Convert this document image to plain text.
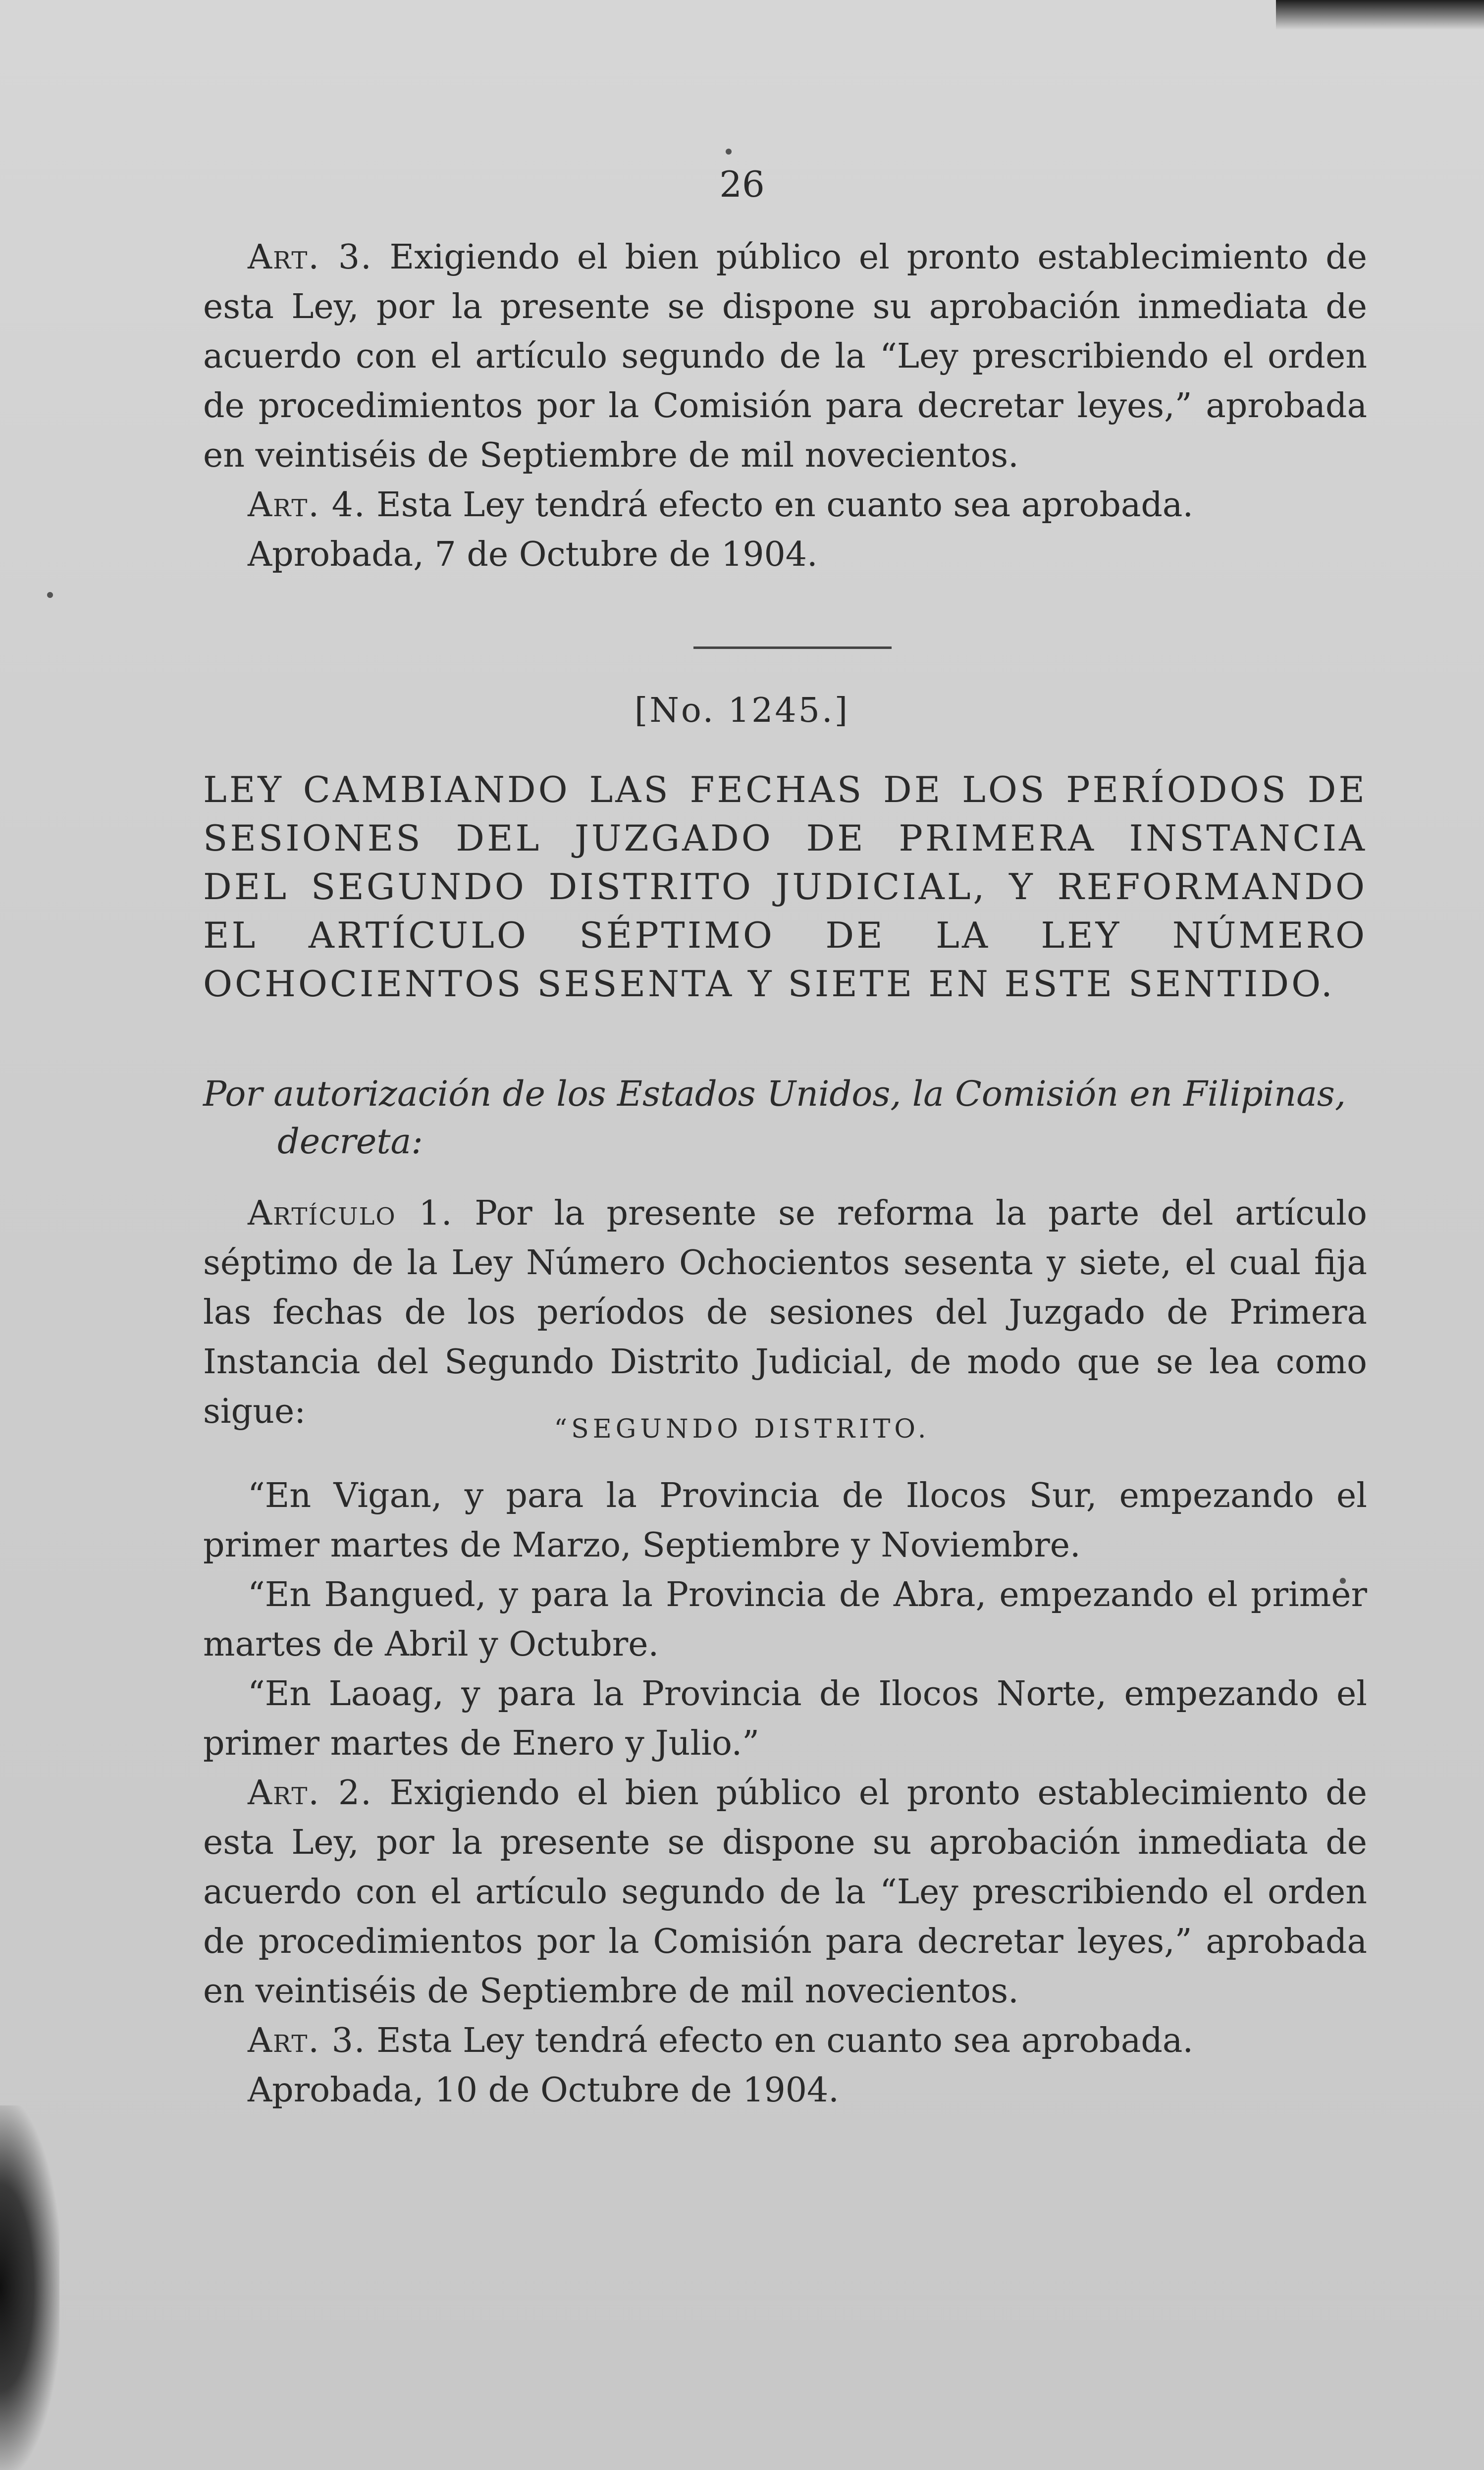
26

Art. 3. Exigiendo el bien público el pronto establecimiento de esta Ley, por la presente se dispone su aprobación inmediata de acuerdo con el artículo segundo de la “Ley prescribiendo el orden de procedimientos por la Comisión para decretar leyes,” aprobada en veintiséis de Septiembre de mil novecientos.

Art. 4. Esta Ley tendrá efecto en cuanto sea aprobada.

Aprobada, 7 de Octubre de 1904.

[No. 1245.]
LEY CAMBIANDO LAS FECHAS DE LOS PERÍODOS DE SESIONES DEL JUZGADO DE PRIMERA INSTANCIA DEL SEGUNDO DISTRITO JUDICIAL, Y REFORMANDO EL ARTÍCULO SÉPTIMO DE LA LEY NÚMERO OCHOCIENTOS SESENTA Y SIETE EN ESTE SENTIDO.
Por autorización de los Estados Unidos, la Comisión en Filipinas,
decreta:

Artículo 1. Por la presente se reforma la parte del artículo séptimo de la Ley Número Ochocientos sesenta y siete, el cual fija las fechas de los períodos de sesiones del Juzgado de Primera Instancia del Segundo Distrito Judicial, de modo que se lea como sigue:	“SEGUNDO DISTRITO.

“En Vigan, y para la Provincia de Ilocos Sur, empezando el primer martes de Marzo, Septiembre y Noviembre.

“En Bangued, y para la Provincia de Abra, empezando el primer martes de Abril y Octubre.

“En Laoag, y para la Provincia de Ilocos Norte, empezando el primer martes de Enero y Julio.”

Art. 2. Exigiendo el bien público el pronto establecimiento de esta Ley, por la presente se dispone su aprobación inmediata de acuerdo con el artículo segundo de la “Ley prescribiendo el orden de procedimientos por la Comisión para decretar leyes,” aprobada en veintiséis de Septiembre de mil novecientos.

Art. 3. Esta Ley tendrá efecto en cuanto sea aprobada.

Aprobada, 10 de Octubre de 1904.
